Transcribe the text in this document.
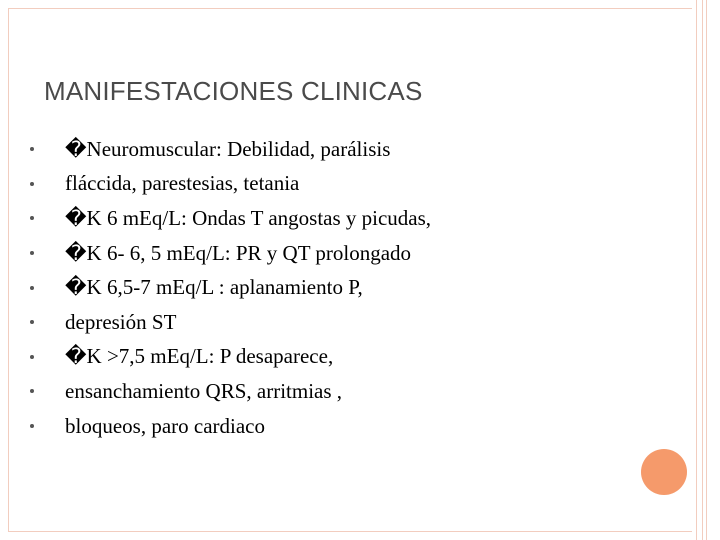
MANIFESTACIONES CLINICAS
�Neuromuscular: Debilidad, parálisis
fláccida, parestesias, tetania
�K 6 mEq/L: Ondas T angostas y picudas,
�K 6- 6, 5 mEq/L: PR y QT prolongado
�K 6,5-7 mEq/L : aplanamiento P,
depresión ST
�K >7,5 mEq/L: P desaparece,
ensanchamiento QRS, arritmias ,
bloqueos, paro cardiaco
